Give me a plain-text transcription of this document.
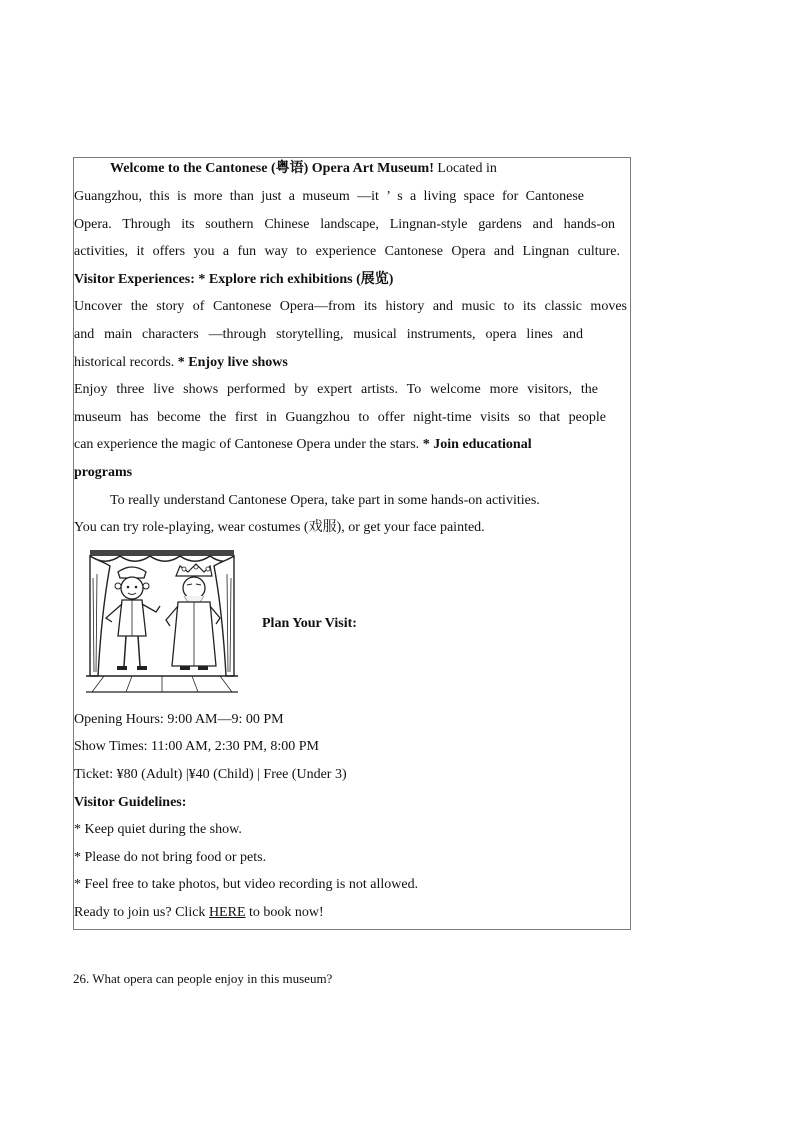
Welcome to the Cantonese (粤语) Opera Art Museum! Located in
Guangzhou, this is more than just a museum —it ’ s a living space for Cantonese
Opera. Through its southern Chinese landscape, Lingnan-style gardens and hands-on
activities, it offers you a fun way to experience Cantonese Opera and Lingnan culture.
Visitor Experiences: * Explore rich exhibitions (展览)
Uncover the story of Cantonese Opera—from its history and music to its classic moves
and main characters —through storytelling, musical instruments, opera lines and
historical records. * Enjoy live shows
Enjoy three live shows performed by expert artists. To welcome more visitors, the
museum has become the first in Guangzhou to offer night-time visits so that people
can experience the magic of Cantonese Opera under the stars. * Join educational
programs
To really understand Cantonese Opera, take part in some hands-on activities.
You can try role-playing, wear costumes (戏服), or get your face painted.
Plan Your Visit:
Opening Hours: 9:00 AM—9: 00 PM
Show Times: 11:00 AM, 2:30 PM, 8:00 PM
Ticket: ¥80 (Adult) |¥40 (Child) | Free (Under 3)
Visitor Guidelines:
* Keep quiet during the show.
* Please do not bring food or pets.
* Feel free to take photos, but video recording is not allowed.
Ready to join us? Click HERE to book now!
26. What opera can people enjoy in this museum?
